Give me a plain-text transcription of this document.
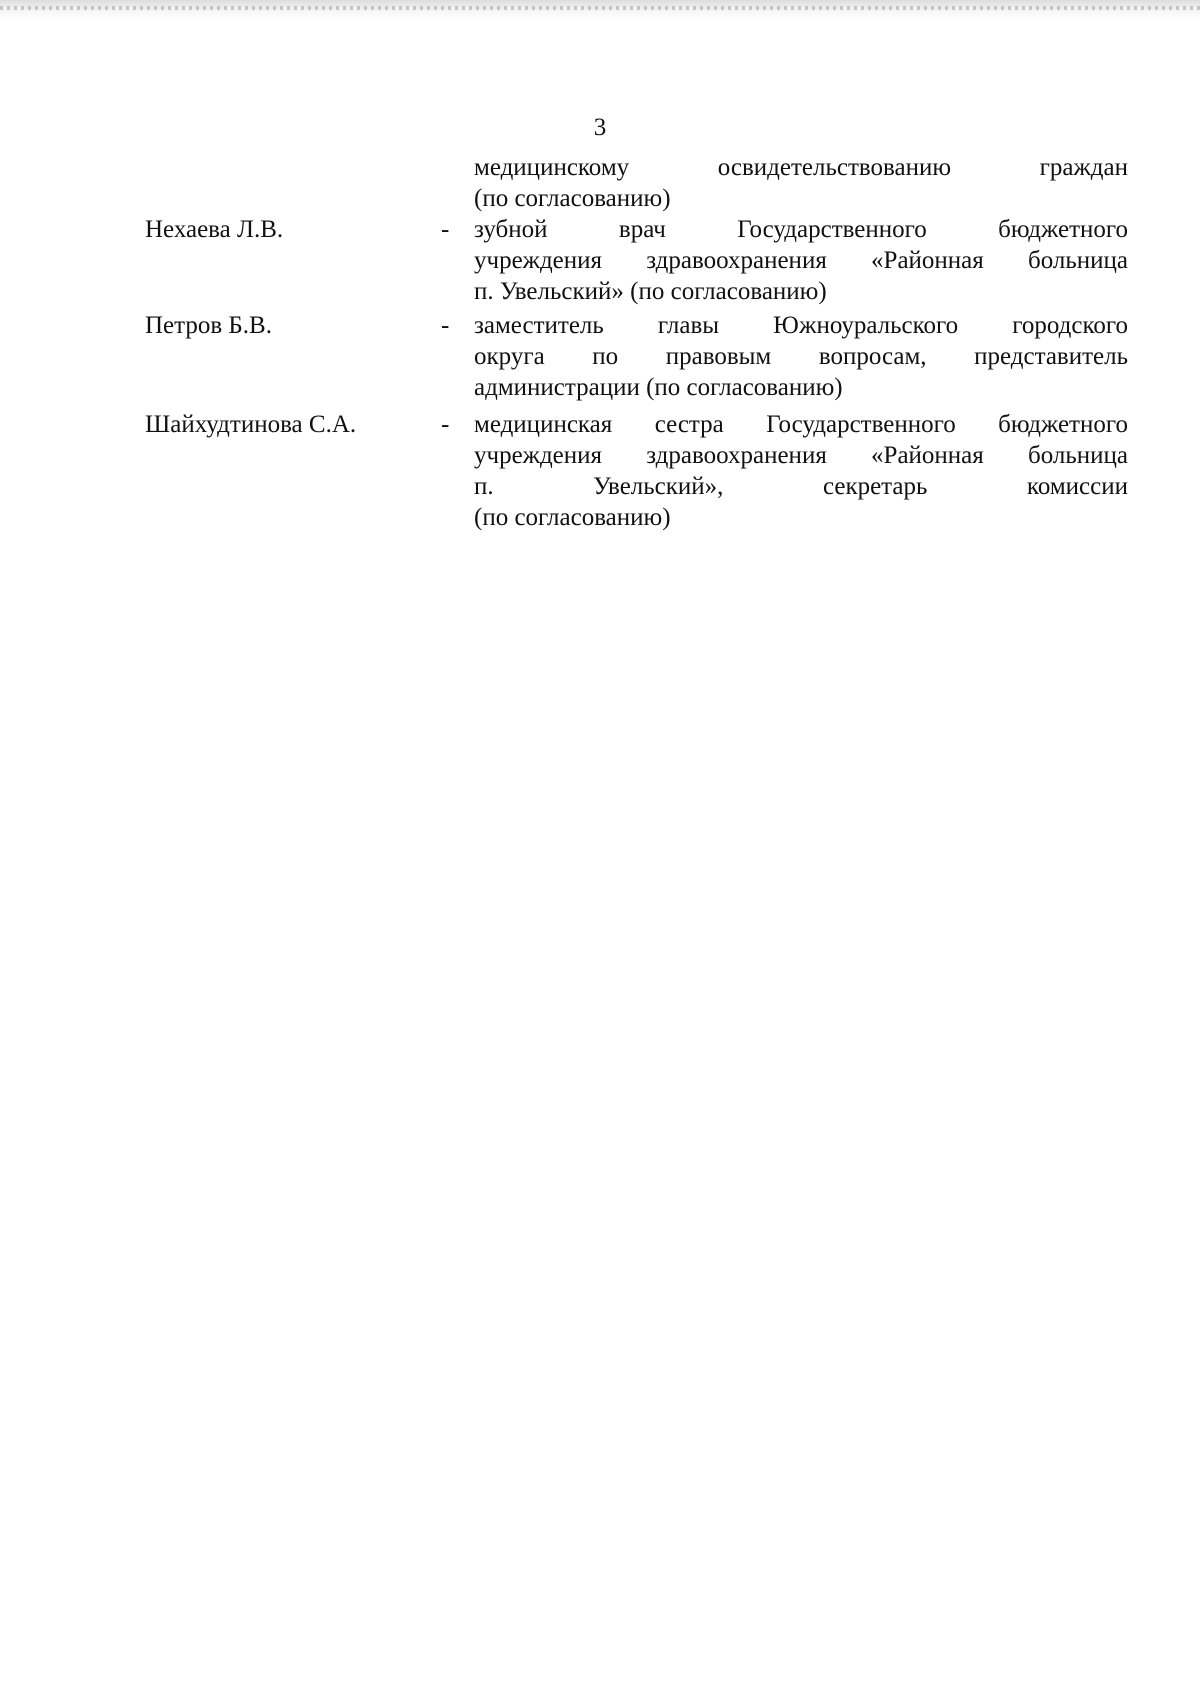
3
медицинскому освидетельствованию граждан
(по согласованию)
Нехаева Л.В.	- зубной врач Государственного бюджетного
учреждения здравоохранения «Районная больница
п. Увельский» (по согласованию)
Петров Б.В.	- заместитель главы Южноуральского городского
округа по правовым вопросам, представитель
администрации (по согласованию)
Шайхудтинова С.А.	- медицинская сестра Государственного бюджетного
учреждения здравоохранения «Районная больница
п. Увельский», секретарь комиссии
(по согласованию)
